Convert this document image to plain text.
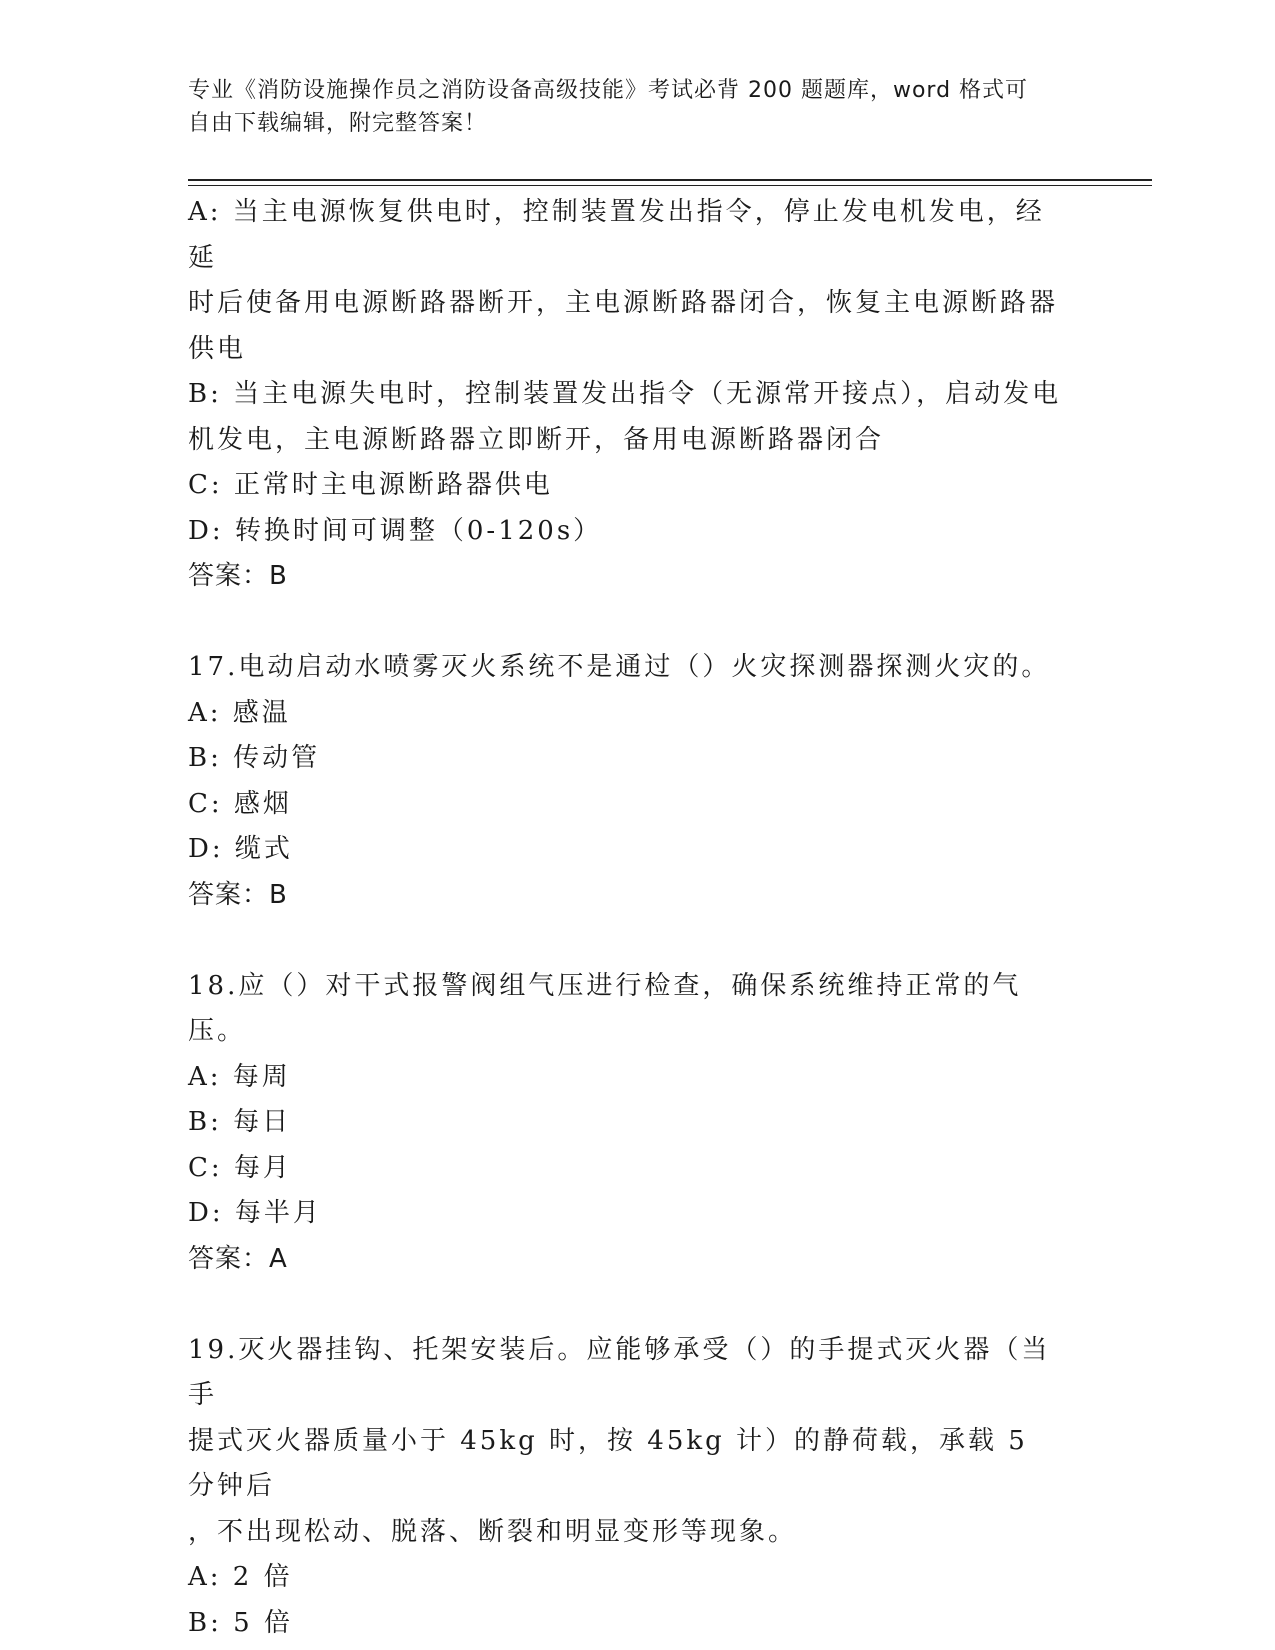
专业《消防设施操作员之消防设备高级技能》考试必背 200 题题库，word 格式可
自由下载编辑，附完整答案！
A: 当主电源恢复供电时，控制装置发出指令，停止发电机发电，经延
时后使备用电源断路器断开，主电源断路器闭合，恢复主电源断路器
供电
B: 当主电源失电时，控制装置发出指令（无源常开接点），启动发电
机发电，主电源断路器立即断开，备用电源断路器闭合
C: 正常时主电源断路器供电
D: 转换时间可调整（0-120s）
答案：B
17.电动启动水喷雾灭火系统不是通过（）火灾探测器探测火灾的。
A: 感温
B: 传动管
C: 感烟
D: 缆式
答案：B
18.应（）对干式报警阀组气压进行检查，确保系统维持正常的气压。
A: 每周
B: 每日
C: 每月
D: 每半月
答案：A
19.灭火器挂钩、托架安装后。应能够承受（）的手提式灭火器（当手
提式灭火器质量小于 45kg 时，按 45kg 计）的静荷载，承载 5 分钟后
，不出现松动、脱落、断裂和明显变形等现象。
A: 2 倍
B: 5 倍
